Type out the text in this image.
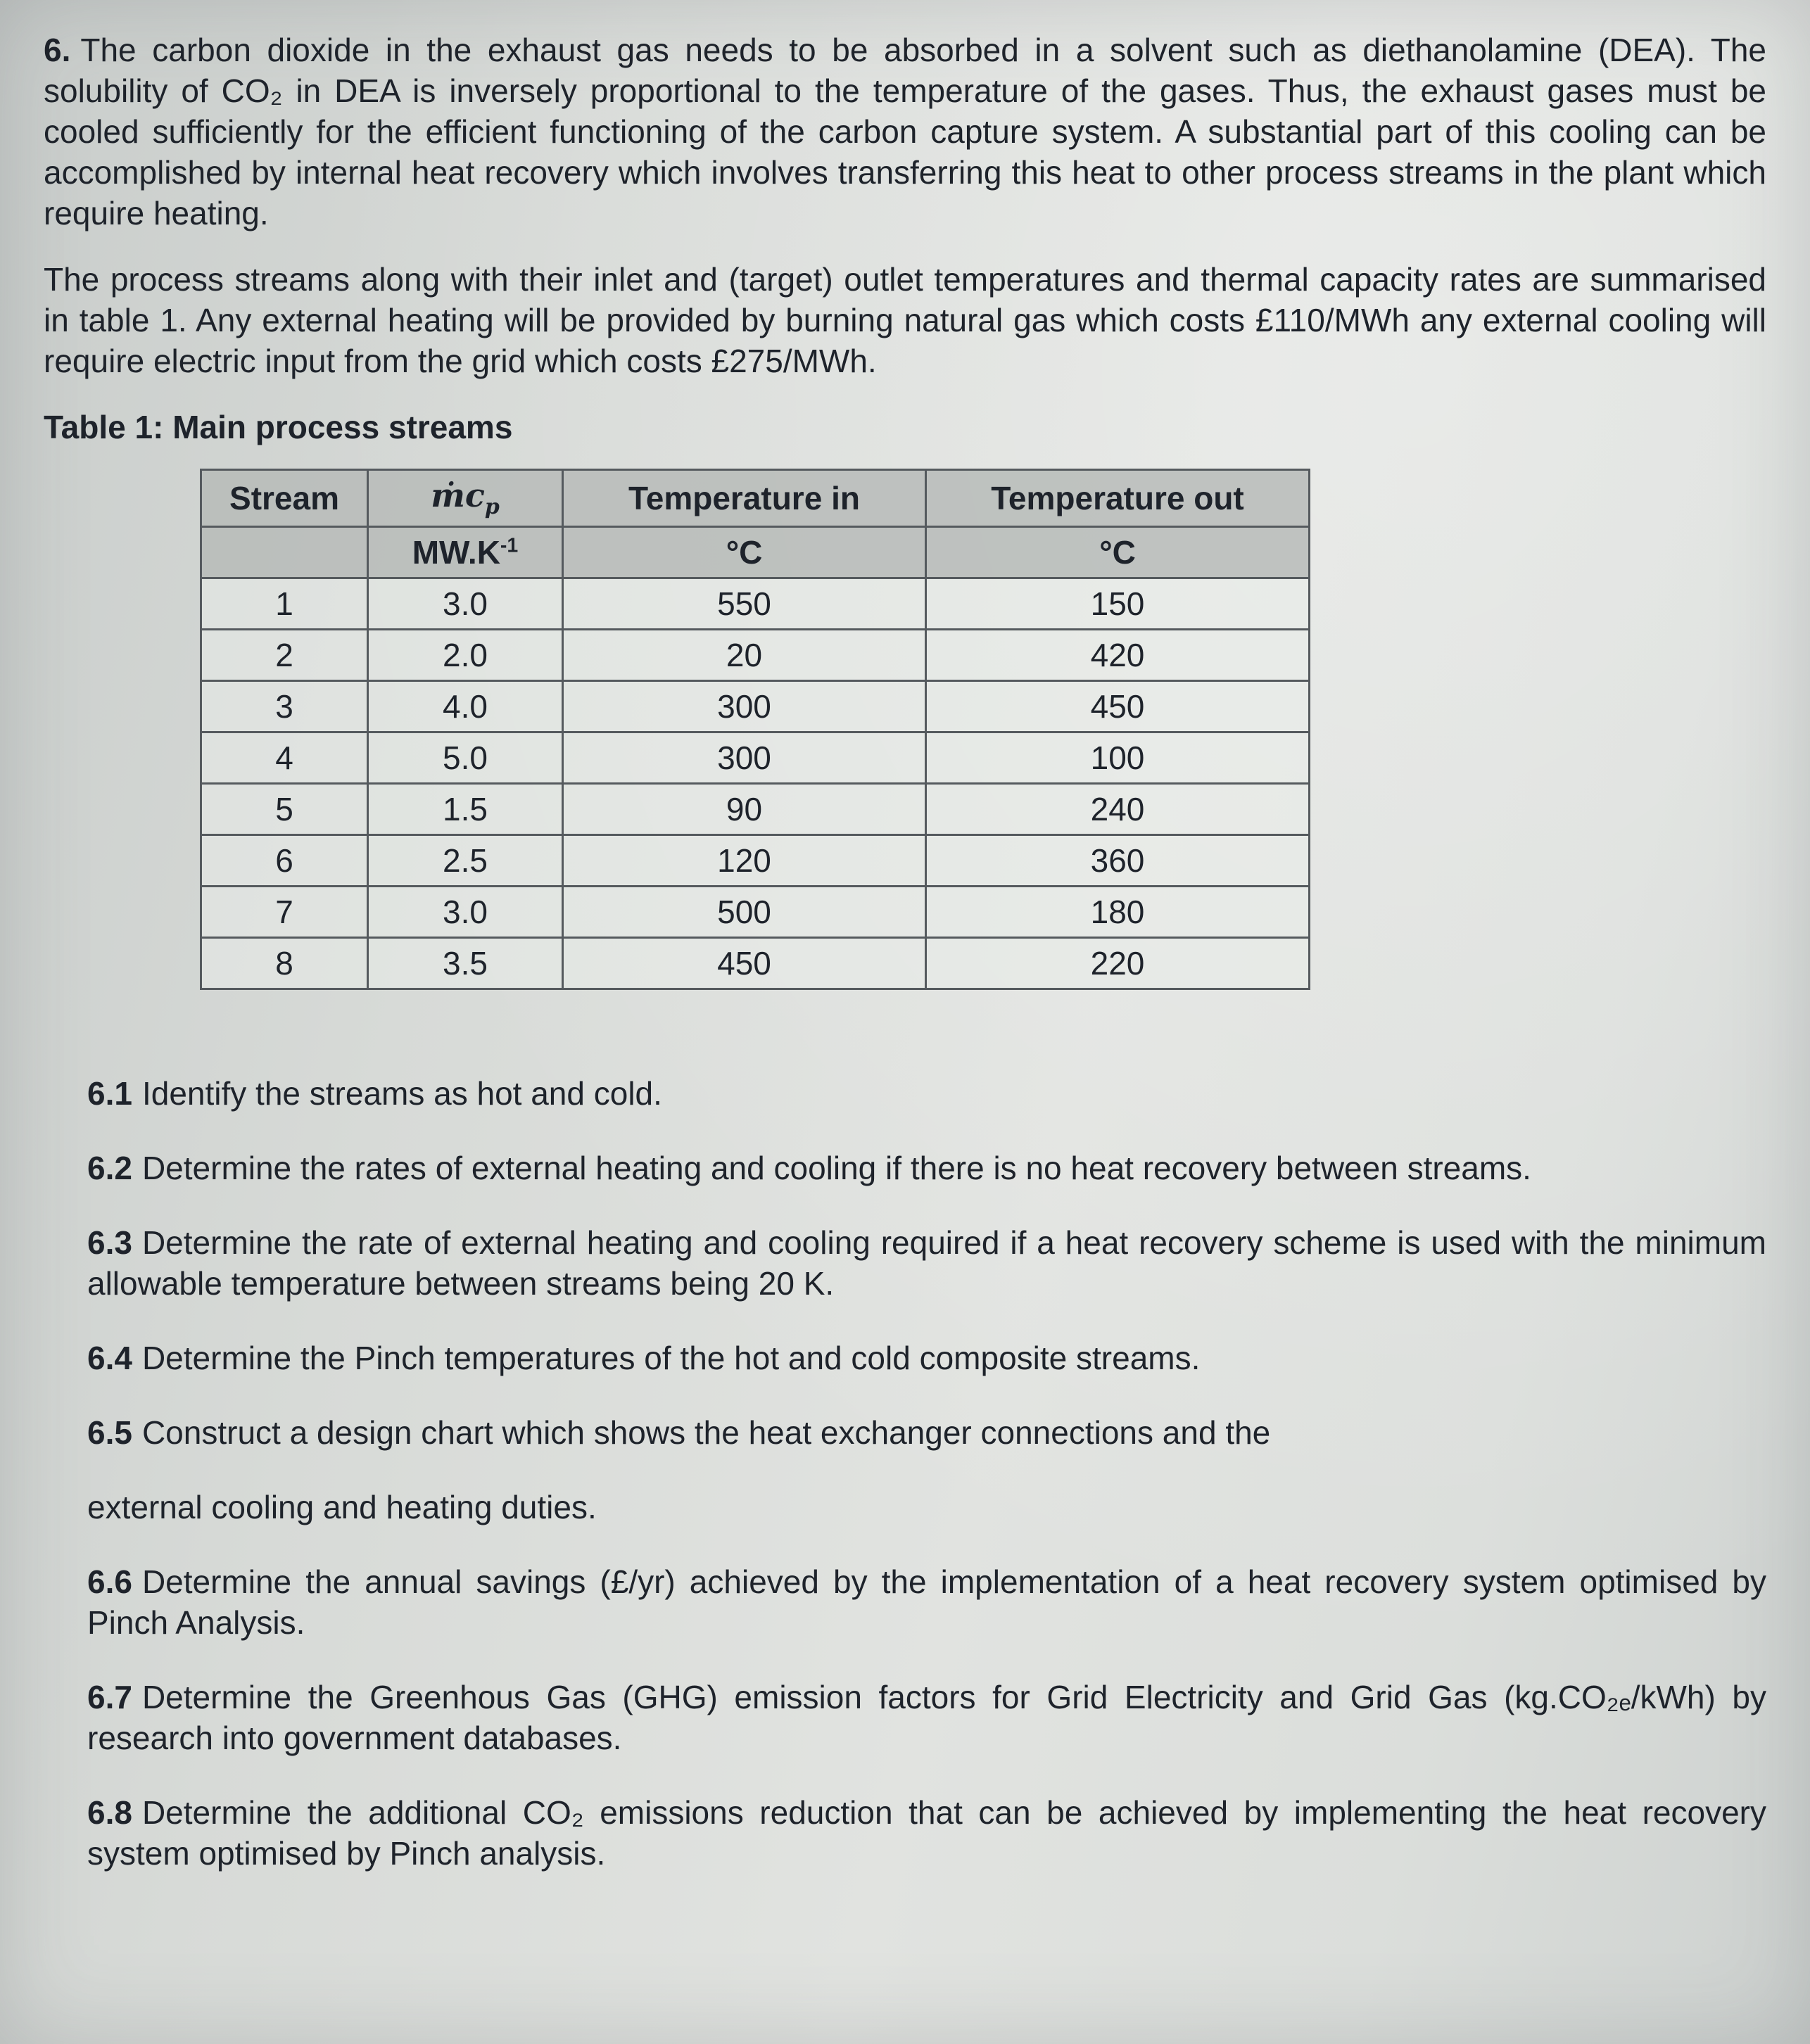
6. The carbon dioxide in the exhaust gas needs to be absorbed in a solvent such as diethanolamine (DEA). The solubility of CO₂ in DEA is inversely proportional to the temperature of the gases. Thus, the exhaust gases must be cooled sufficiently for the efficient functioning of the carbon capture system. A substantial part of this cooling can be accomplished by internal heat recovery which involves transferring this heat to other process streams in the plant which require heating.

The process streams along with their inlet and (target) outlet temperatures and thermal capacity rates are summarised in table 1. Any external heating will be provided by burning natural gas which costs £110/MWh any external cooling will require electric input from the grid which costs £275/MWh.

Table 1: Main process streams
Stream	ṁc$_p$	Temperature in	Temperature out
	$MW.K^{-1}$	°C	°C
1	3.0	550	150
2	2.0	20	420
3	4.0	300	450
4	5.0	300	100
5	1.5	90	240
6	2.5	120	360
7	3.0	500	180
8	3.5	450	220

6.1 Identify the streams as hot and cold.

6.2 Determine the rates of external heating and cooling if there is no heat recovery between streams.

6.3 Determine the rate of external heating and cooling required if a heat recovery scheme is used with the minimum allowable temperature between streams being 20 K.

6.4 Determine the Pinch temperatures of the hot and cold composite streams.

6.5 Construct a design chart which shows the heat exchanger connections and the

external cooling and heating duties.

6.6 Determine the annual savings (£/yr) achieved by the implementation of a heat recovery system optimised by Pinch Analysis.

6.7 Determine the Greenhous Gas (GHG) emission factors for Grid Electricity and Grid Gas (kg.CO₂ₑ/kWh) by research into government databases.

6.8 Determine the additional CO₂ emissions reduction that can be achieved by implementing the heat recovery system optimised by Pinch analysis.
